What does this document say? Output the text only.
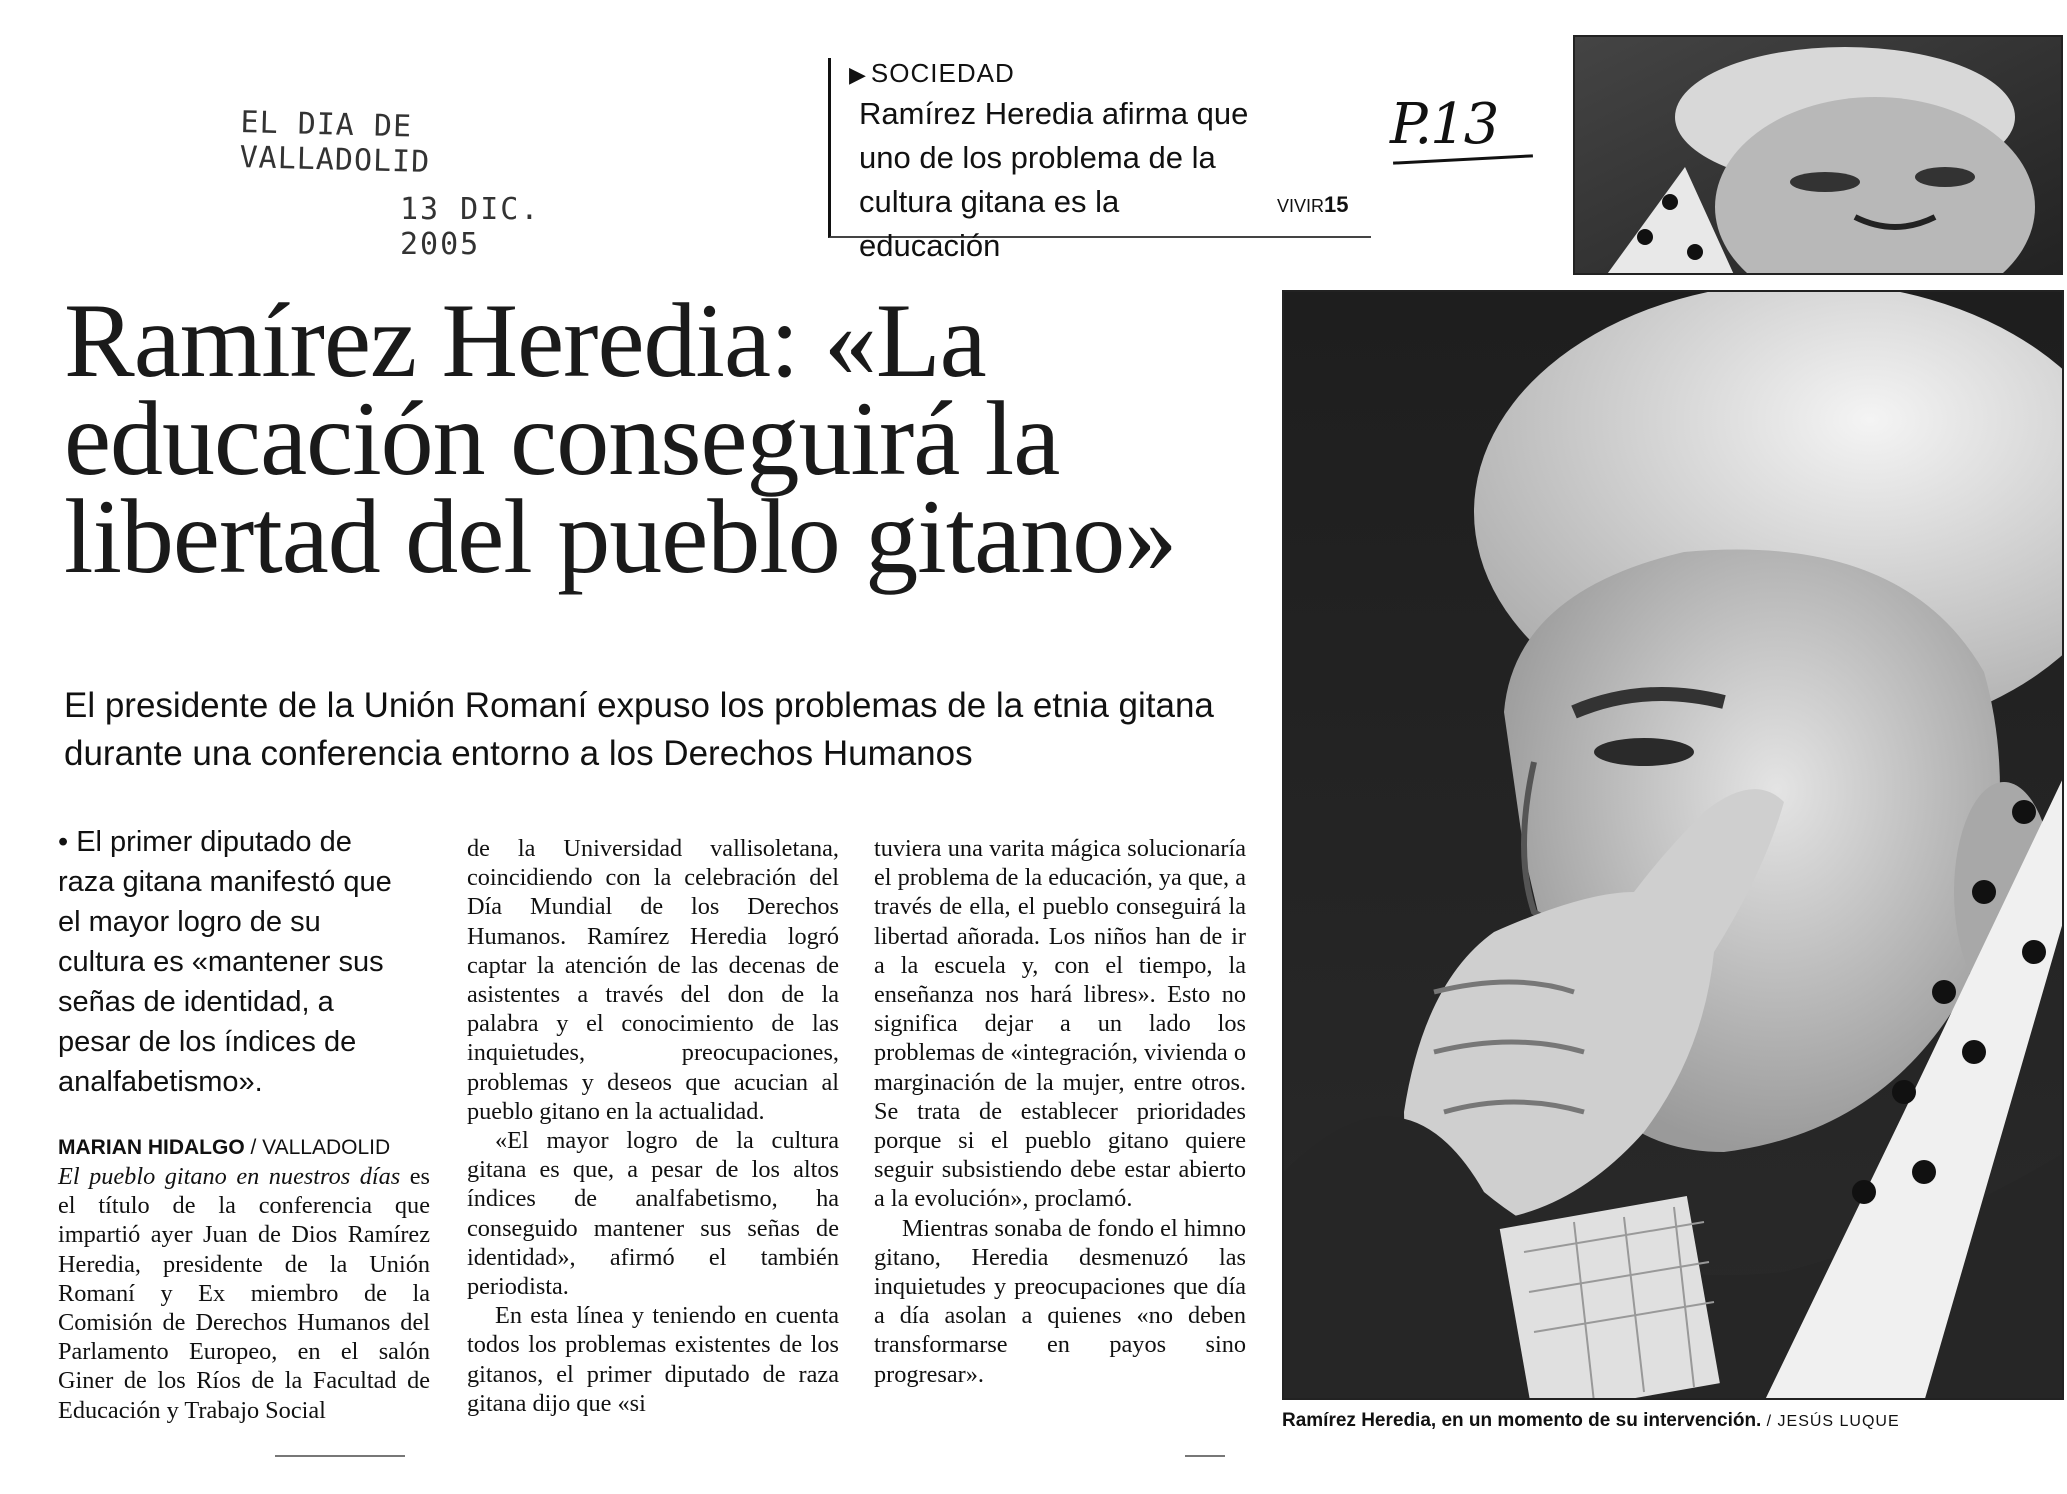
EL DIA DE VALLADOLID
13 DIC. 2005
▶ SOCIEDAD
Ramírez Heredia afirma que uno de los problema de la cultura gitana es la educación
VIVIR15
P.13
Ramírez Heredia: «La educación conseguirá la libertad del pueblo gitano»
El presidente de la Unión Romaní expuso los problemas de la etnia gitana durante una conferencia entorno a los Derechos Humanos
• El primer diputado de raza gitana manifestó que el mayor logro de su cultura es «mantener sus señas de identidad, a pesar de los índices de analfabetismo».
MARIAN HIDALGO / VALLADOLID

El pueblo gitano en nuestros días es el título de la conferencia que impartió ayer Juan de Dios Ramírez Heredia, presidente de la Unión Romaní y Ex miembro de la Comisión de Derechos Humanos del Parlamento Europeo, en el salón Giner de los Ríos de la Facultad de Educación y Trabajo Social

de la Universidad vallisoletana, coincidiendo con la celebración del Día Mundial de los Derechos Humanos. Ramírez Heredia logró captar la atención de las decenas de asistentes a través del don de la palabra y el conocimiento de las inquietudes, preocupaciones, problemas y deseos que acucian al pueblo gitano en la actualidad.

«El mayor logro de la cultura gitana es que, a pesar de los altos índices de analfabetismo, ha conseguido mantener sus señas de identidad», afirmó el también periodista.

En esta línea y teniendo en cuenta todos los problemas existentes de los gitanos, el primer diputado de raza gitana dijo que «si

tuviera una varita mágica solucionaría el problema de la educación, ya que, a través de ella, el pueblo conseguirá la libertad añorada. Los niños han de ir a la escuela y, con el tiempo, la enseñanza nos hará libres». Esto no significa dejar a un lado los problemas de «integración, vivienda o marginación de la mujer, entre otros. Se trata de establecer prioridades porque si el pueblo gitano quiere seguir subsistiendo debe estar abierto a la evolución», proclamó.

Mientras sonaba de fondo el himno gitano, Heredia desmenuzó las inquietudes y preocupaciones que día a día asolan a quienes «no deben transformarse en payos sino progresar».

Ramírez Heredia, en un momento de su intervención. / JESÚS LUQUE
